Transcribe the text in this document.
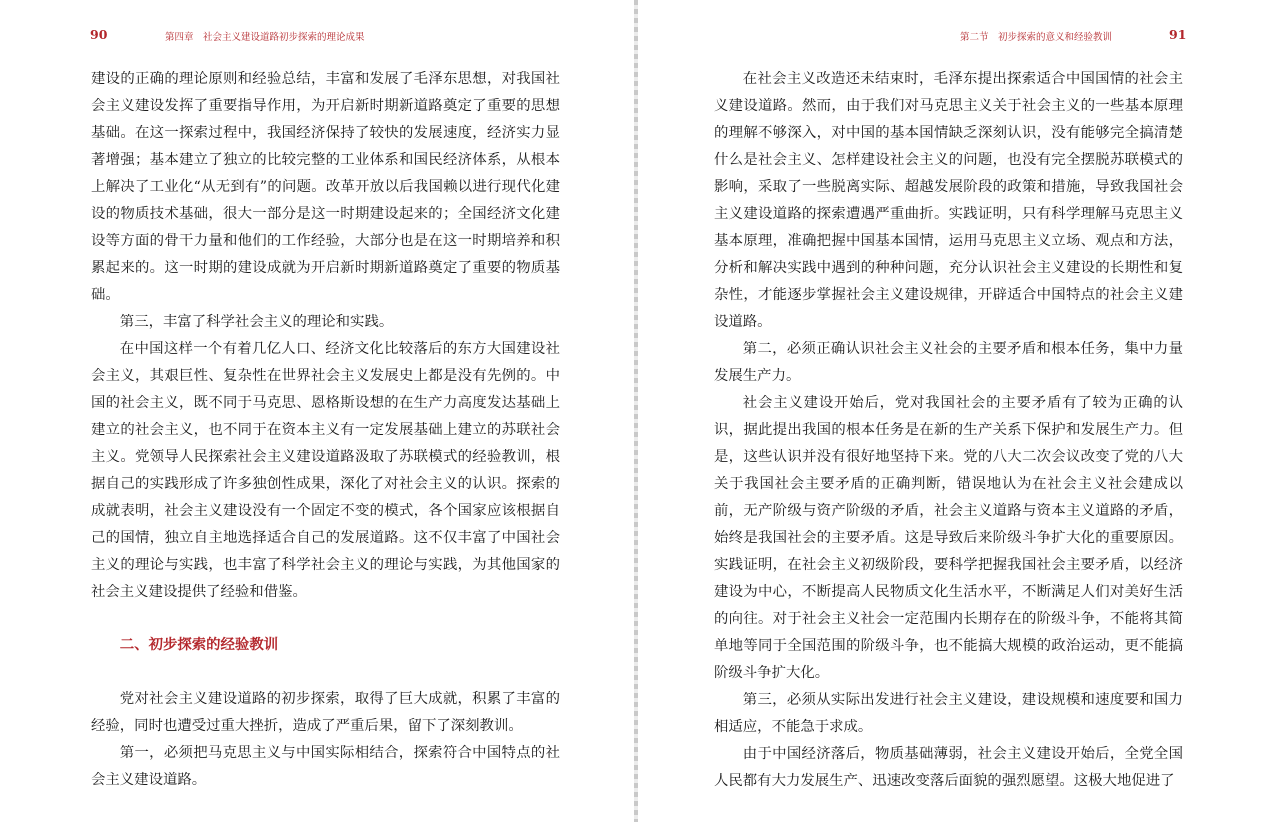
90	第四章　社会主义建设道路初步探索的理论成果

建设的正确的理论原则和经验总结，丰富和发展了毛泽东思想，对我国社会主义建设发挥了重要指导作用，为开启新时期新道路奠定了重要的思想基础。在这一探索过程中，我国经济保持了较快的发展速度，经济实力显著增强；基本建立了独立的比较完整的工业体系和国民经济体系，从根本上解决了工业化“从无到有”的问题。改革开放以后我国赖以进行现代化建设的物质技术基础，很大一部分是这一时期建设起来的；全国经济文化建设等方面的骨干力量和他们的工作经验，大部分也是在这一时期培养和积累起来的。这一时期的建设成就为开启新时期新道路奠定了重要的物质基础。

第三，丰富了科学社会主义的理论和实践。

在中国这样一个有着几亿人口、经济文化比较落后的东方大国建设社会主义，其艰巨性、复杂性在世界社会主义发展史上都是没有先例的。中国的社会主义，既不同于马克思、恩格斯设想的在生产力高度发达基础上建立的社会主义，也不同于在资本主义有一定发展基础上建立的苏联社会主义。党领导人民探索社会主义建设道路汲取了苏联模式的经验教训，根据自己的实践形成了许多独创性成果，深化了对社会主义的认识。探索的成就表明，社会主义建设没有一个固定不变的模式，各个国家应该根据自己的国情，独立自主地选择适合自己的发展道路。这不仅丰富了中国社会主义的理论与实践，也丰富了科学社会主义的理论与实践，为其他国家的社会主义建设提供了经验和借鉴。

二、初步探索的经验教训

党对社会主义建设道路的初步探索，取得了巨大成就，积累了丰富的经验，同时也遭受过重大挫折，造成了严重后果，留下了深刻教训。

第一，必须把马克思主义与中国实际相结合，探索符合中国特点的社会主义建设道路。

第二节　初步探索的意义和经验教训	91

在社会主义改造还未结束时，毛泽东提出探索适合中国国情的社会主义建设道路。然而，由于我们对马克思主义关于社会主义的一些基本原理的理解不够深入，对中国的基本国情缺乏深刻认识，没有能够完全搞清楚什么是社会主义、怎样建设社会主义的问题，也没有完全摆脱苏联模式的影响，采取了一些脱离实际、超越发展阶段的政策和措施，导致我国社会主义建设道路的探索遭遇严重曲折。实践证明，只有科学理解马克思主义基本原理，准确把握中国基本国情，运用马克思主义立场、观点和方法，分析和解决实践中遇到的种种问题，充分认识社会主义建设的长期性和复杂性，才能逐步掌握社会主义建设规律，开辟适合中国特点的社会主义建设道路。

第二，必须正确认识社会主义社会的主要矛盾和根本任务，集中力量发展生产力。

社会主义建设开始后，党对我国社会的主要矛盾有了较为正确的认识，据此提出我国的根本任务是在新的生产关系下保护和发展生产力。但是，这些认识并没有很好地坚持下来。党的八大二次会议改变了党的八大关于我国社会主要矛盾的正确判断，错误地认为在社会主义社会建成以前，无产阶级与资产阶级的矛盾，社会主义道路与资本主义道路的矛盾，始终是我国社会的主要矛盾。这是导致后来阶级斗争扩大化的重要原因。实践证明，在社会主义初级阶段，要科学把握我国社会主要矛盾，以经济建设为中心，不断提高人民物质文化生活水平，不断满足人们对美好生活的向往。对于社会主义社会一定范围内长期存在的阶级斗争，不能将其简单地等同于全国范围的阶级斗争，也不能搞大规模的政治运动，更不能搞阶级斗争扩大化。

第三，必须从实际出发进行社会主义建设，建设规模和速度要和国力相适应，不能急于求成。

由于中国经济落后，物质基础薄弱，社会主义建设开始后，全党全国人民都有大力发展生产、迅速改变落后面貌的强烈愿望。这极大地促进了
